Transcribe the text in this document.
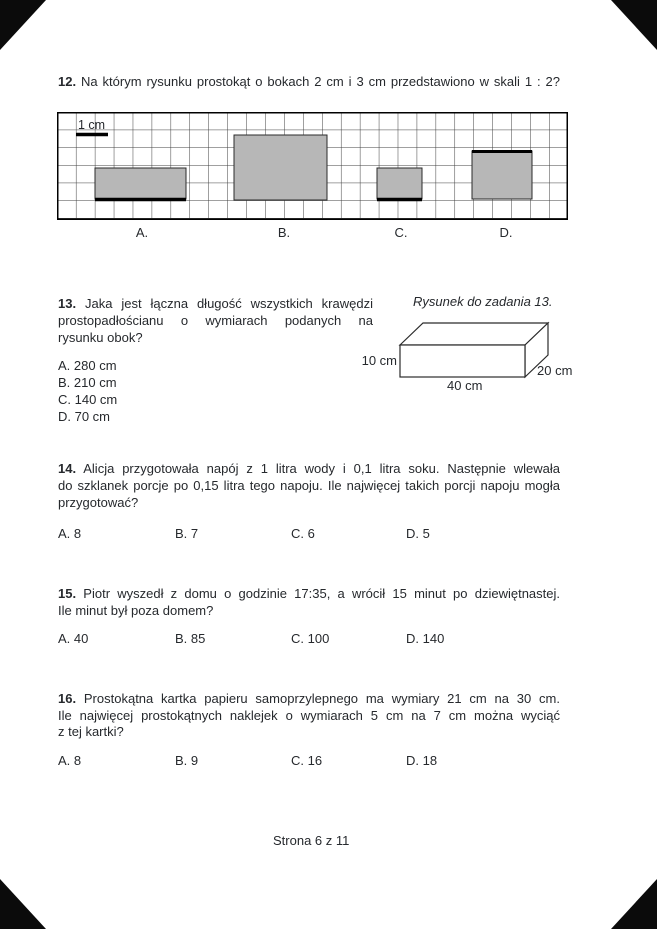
12. Na którym rysunku prostokąt o bokach 2 cm i 3 cm przedstawiono w skali 1 : 2?
1 cm
A.	B.	C.	D.
13. Jaka jest łączna długość wszystkich krawędzi
prostopadłościanu o wymiarach podanych na
rysunku obok?
A. 280 cm
B. 210 cm
C. 140 cm
D. 70 cm
Rysunek do zadania 13.
10 cm
40 cm
20 cm
14. Alicja przygotowała napój z 1 litra wody i 0,1 litra soku. Następnie wlewała
do szklanek porcje po 0,15 litra tego napoju. Ile najwięcej takich porcji napoju mogła
przygotować?
A. 8	B. 7	C. 6	D. 5
15. Piotr wyszedł z domu o godzinie 17:35, a wrócił 15 minut po dziewiętnastej.
Ile minut był poza domem?
A. 40	B. 85	C. 100	D. 140
16. Prostokątna kartka papieru samoprzylepnego ma wymiary 21 cm na 30 cm.
Ile najwięcej prostokątnych naklejek o wymiarach 5 cm na 7 cm można wyciąć
z tej kartki?
A. 8	B. 9	C. 16	D. 18
Strona 6 z 11
